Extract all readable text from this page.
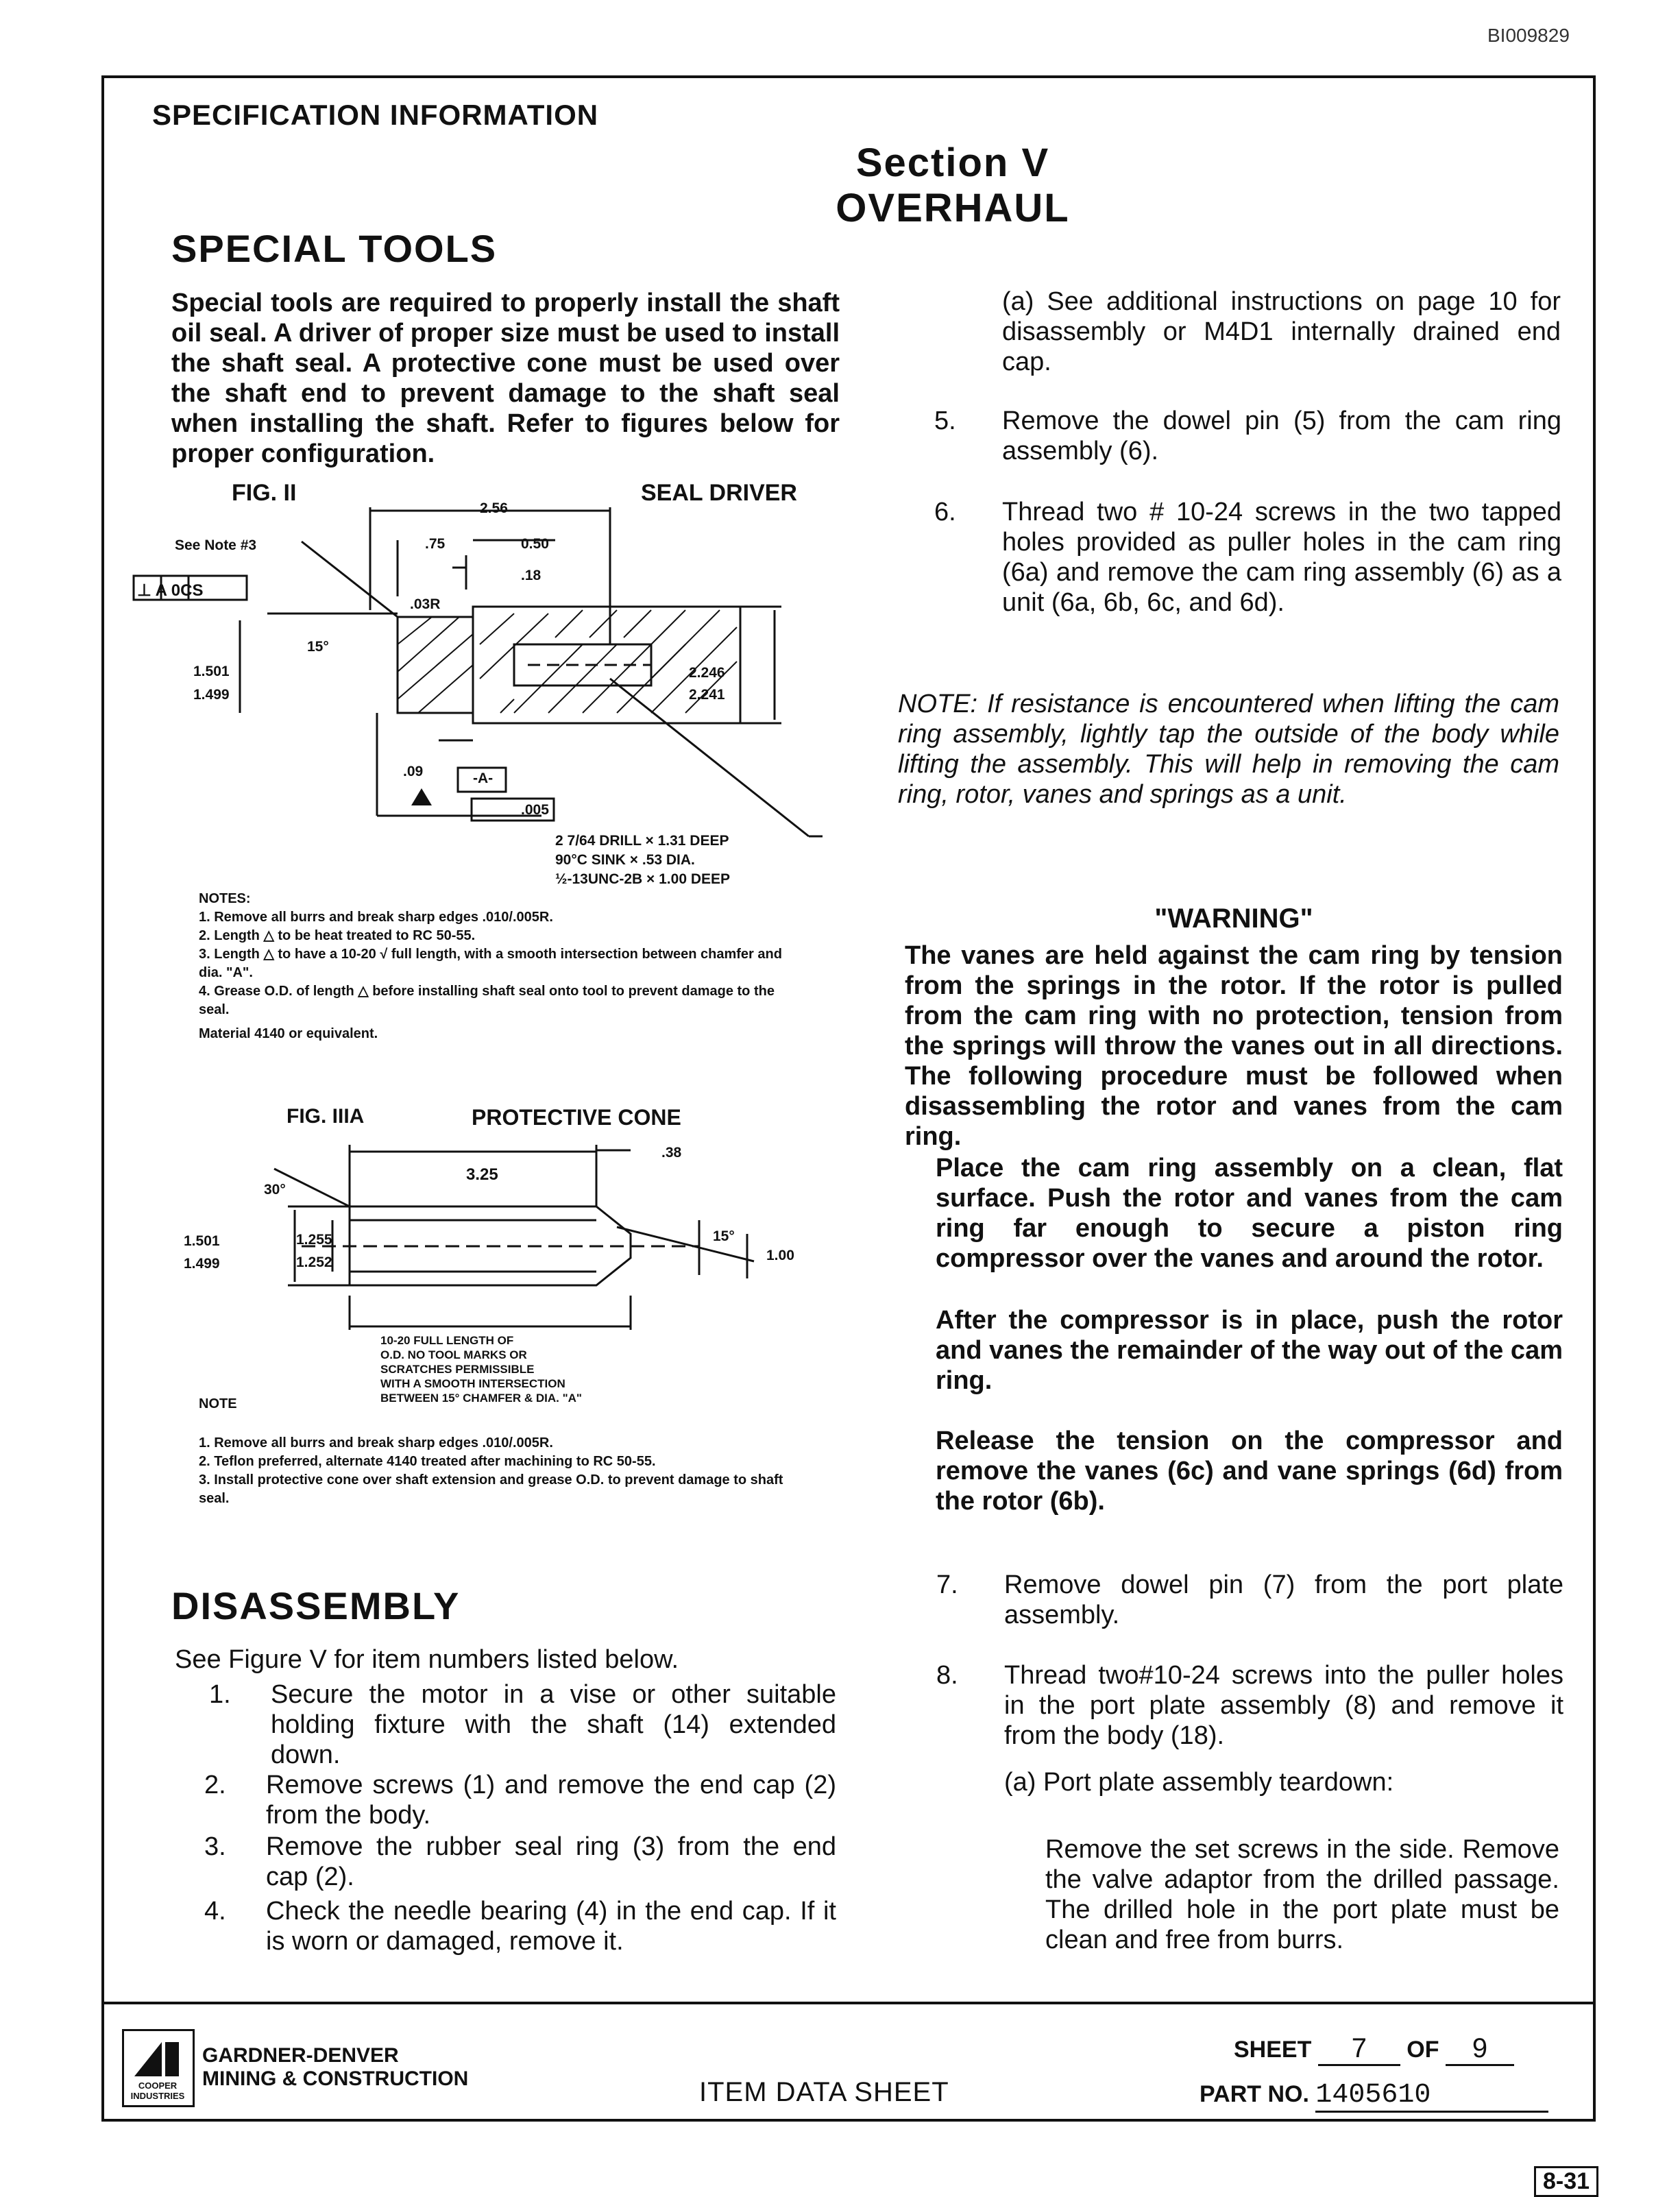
BI009829
SPECIFICATION INFORMATION
Section V
OVERHAUL
SPECIAL TOOLS
Special tools are required to properly install the shaft oil seal. A driver of proper size must be used to install the shaft seal. A protective cone must be used over the shaft end to prevent damage to the shaft seal when installing the shaft. Refer to figures below for proper configuration.
FIG. II	SEAL DRIVER
See Note #3
⊥ A 0CS
2.56
.75	0.50
.18
.03R
15°
1.501
1.499
2.246
2.241
.09	-A-
.005
2 7/64 DRILL × 1.31 DEEP
90°C SINK × .53 DIA.
½-13UNC-2B × 1.00 DEEP
NOTES:
1. Remove all burrs and break sharp edges .010/.005R.
2. Length △ to be heat treated to RC 50-55.
3. Length △ to have a 10-20 √ full length, with a smooth intersection between chamfer and dia. "A".
4. Grease O.D. of length △ before installing shaft seal onto tool to prevent damage to the seal.
Material 4140 or equivalent.
FIG. IIIA	PROTECTIVE CONE
3.25
.38
30°
15°
1.501
1.499
1.255
1.252	1.00
10-20 FULL LENGTH OF
O.D. NO TOOL MARKS OR
SCRATCHES PERMISSIBLE
WITH A SMOOTH INTERSECTION
BETWEEN 15° CHAMFER & DIA. "A"
NOTE
1. Remove all burrs and break sharp edges .010/.005R.
2. Teflon preferred, alternate 4140 treated after machining to RC 50-55.
3. Install protective cone over shaft extension and grease O.D. to prevent damage to shaft seal.
DISASSEMBLY
See Figure V for item numbers listed below.
1. Secure the motor in a vise or other suitable holding fixture with the shaft (14) extended down.
2. Remove screws (1) and remove the end cap (2) from the body.
3. Remove the rubber seal ring (3) from the end cap (2).
4. Check the needle bearing (4) in the end cap. If it is worn or damaged, remove it.
(a) See additional instructions on page 10 for disassembly or M4D1 internally drained end cap.
5. Remove the dowel pin (5) from the cam ring assembly (6).
6. Thread two # 10-24 screws in the two tapped holes provided as puller holes in the cam ring (6a) and remove the cam ring assembly (6) as a unit (6a, 6b, 6c, and 6d).
NOTE: If resistance is encountered when lifting the cam ring assembly, lightly tap the outside of the body while lifting the assembly. This will help in removing the cam ring, rotor, vanes and springs as a unit.
"WARNING"
The vanes are held against the cam ring by tension from the springs in the rotor. If the rotor is pulled from the cam ring with no protection, tension from the springs will throw the vanes out in all directions. The following procedure must be followed when disassembling the rotor and vanes from the cam ring.
Place the cam ring assembly on a clean, flat surface. Push the rotor and vanes from the cam ring far enough to secure a piston ring compressor over the vanes and around the rotor.
After the compressor is in place, push the rotor and vanes the remainder of the way out of the cam ring.
Release the tension on the compressor and remove the vanes (6c) and vane springs (6d) from the rotor (6b).
7. Remove dowel pin (7) from the port plate assembly.
8. Thread two#10-24 screws into the puller holes in the port plate assembly (8) and remove it from the body (18).
(a) Port plate assembly teardown:
Remove the set screws in the side. Remove the valve adaptor from the drilled passage. The drilled hole in the port plate must be clean and free from burrs.
COOPER INDUSTRIES
GARDNER-DENVER
MINING & CONSTRUCTION	ITEM DATA SHEET
SHEET 7 OF 9
PART NO. 1405610
8-31
